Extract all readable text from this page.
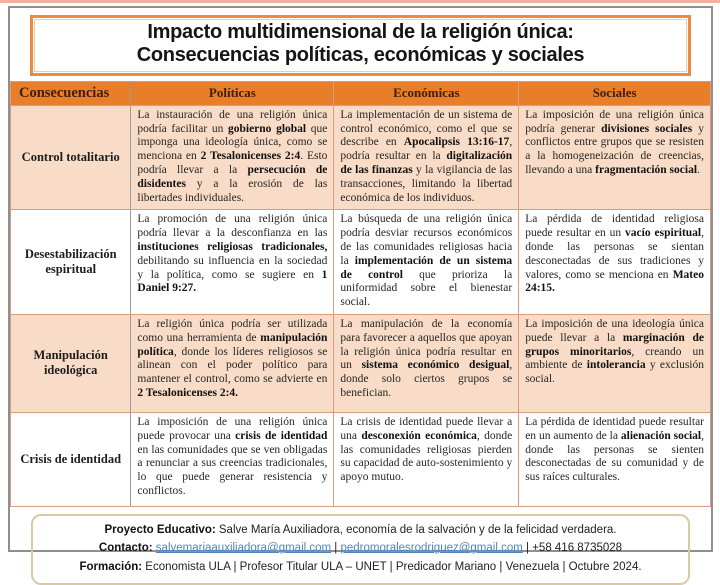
Impacto multidimensional de la religión única:
Consecuencias políticas, económicas y sociales
Consecuencias	Políticas	Económicas	Sociales
Control totalitario	La instauración de una religión única podría facilitar un gobierno global que imponga una ideología única, como se menciona en 2 Tesalonicenses 2:4. Esto podría llevar a la persecución de disidentes y a la erosión de las libertades individuales.	La implementación de un sistema de control económico, como el que se describe en Apocalipsis 13:16-17, podría resultar en la digitalización de las finanzas y la vigilancia de las transacciones, limitando la libertad económica de los individuos.	La imposición de una religión única podría generar divisiones sociales y conflictos entre grupos que se resisten a la homogeneización de creencias, llevando a una fragmentación social.
Desestabilización espiritual	La promoción de una religión única podría llevar a la desconfianza en las instituciones religiosas tradicionales, debilitando su influencia en la sociedad y la política, como se sugiere en 1 Daniel 9:27.	La búsqueda de una religión única podría desviar recursos económicos de las comunidades religiosas hacia la implementación de un sistema de control que prioriza la uniformidad sobre el bienestar social.	La pérdida de identidad religiosa puede resultar en un vacío espiritual, donde las personas se sientan desconectadas de sus tradiciones y valores, como se menciona en Mateo 24:15.
Manipulación ideológica	La religión única podría ser utilizada como una herramienta de manipulación política, donde los líderes religiosos se alinean con el poder político para mantener el control, como se advierte en 2 Tesalonicenses 2:4.	La manipulación de la economía para favorecer a aquellos que apoyan la religión única podría resultar en un sistema económico desigual, donde solo ciertos grupos se benefician.	La imposición de una ideología única puede llevar a la marginación de grupos minoritarios, creando un ambiente de intolerancia y exclusión social.
Crisis de identidad	La imposición de una religión única puede provocar una crisis de identidad en las comunidades que se ven obligadas a renunciar a sus creencias tradicionales, lo que puede generar resistencia y conflictos.	La crisis de identidad puede llevar a una desconexión económica, donde las comunidades religiosas pierden su capacidad de auto-sostenimiento y apoyo mutuo.	La pérdida de identidad puede resultar en un aumento de la alienación social, donde las personas se sienten desconectadas de su comunidad y de sus raíces culturales.
Proyecto Educativo: Salve María Auxiliadora, economía de la salvación y de la felicidad verdadera.
Contacto: salvemariaauxiliadora@gmail.com | pedromoralesrodriguez@gmail.com | +58 416 8735028
Formación: Economista ULA | Profesor Titular ULA – UNET | Predicador Mariano | Venezuela | Octubre 2024.
